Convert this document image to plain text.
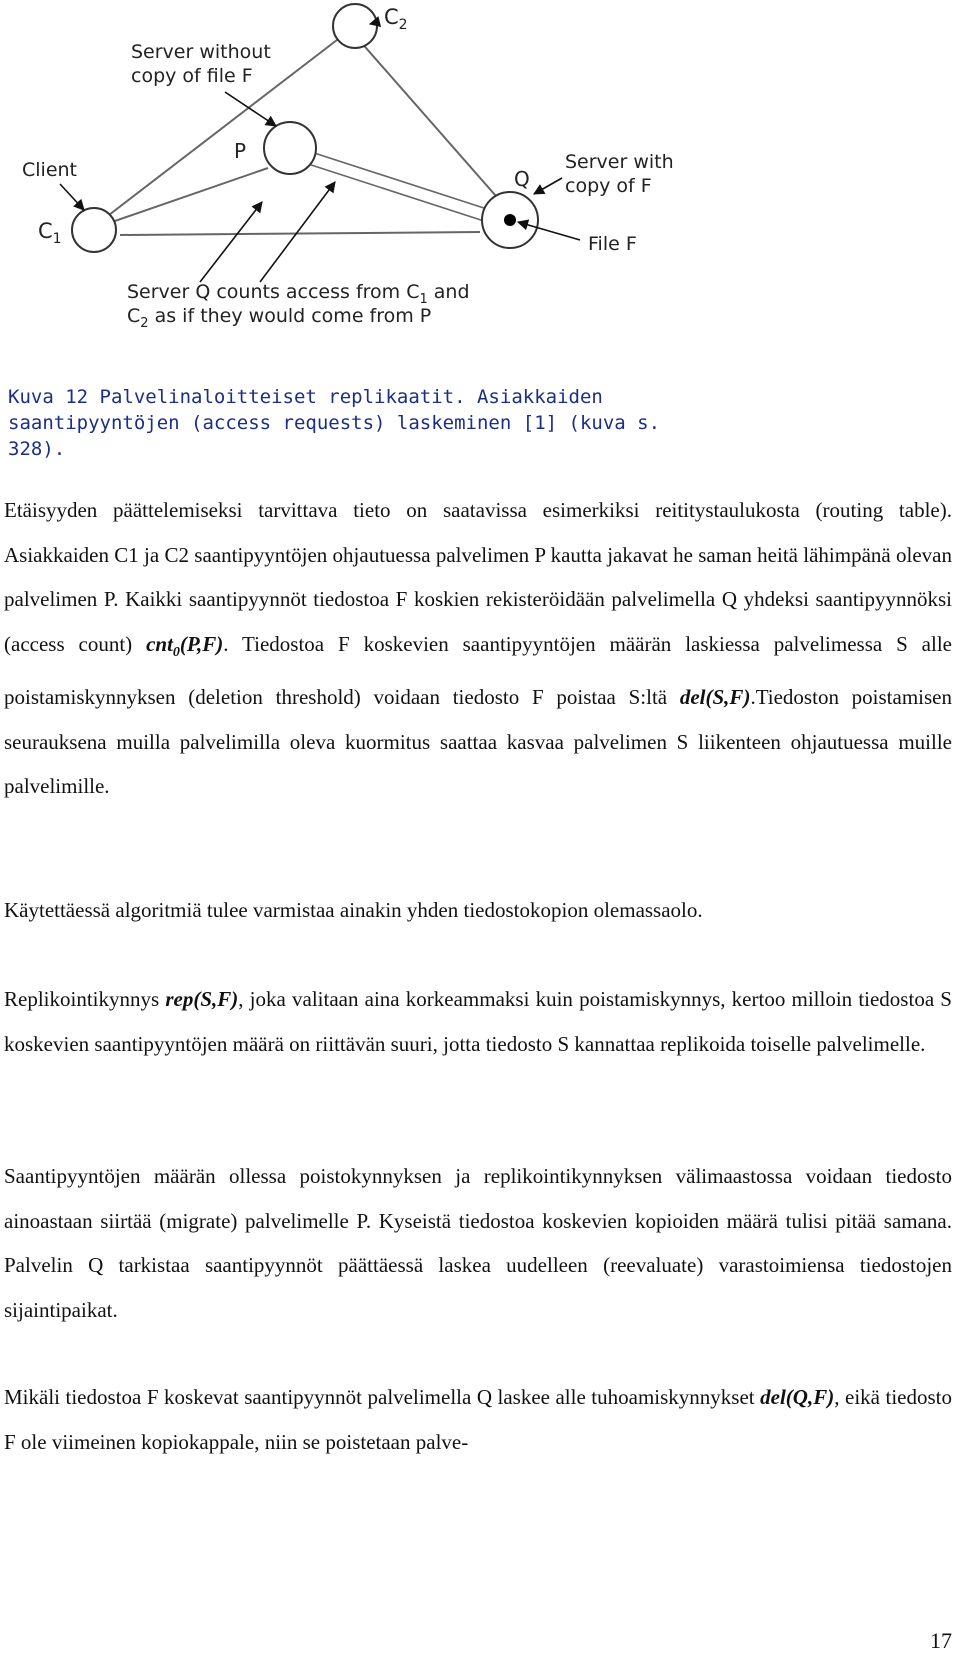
$C_2$
Server without
copy of file F
P
Client	Q
Server with
copy of F
$C_1$	File F
Server Q counts access from $C_1$ and
$C_2$ as if they would come from P

Kuva 12 Palvelinaloitteiset replikaatit. Asiakkaiden saantipyyntöjen (access requests) laskeminen [1] (kuva s. 328).

Etäisyyden päättelemiseksi tarvittava tieto on saatavissa esimerkiksi reititystaulukosta (routing table). Asiakkaiden C1 ja C2 saantipyyntöjen ohjautuessa palvelimen P kautta jakavat he saman heitä lähimpänä olevan palvelimen P. Kaikki saantipyynnöt tiedostoa F koskien rekisteröidään palvelimella Q yhdeksi saantipyynnöksi (access count) cnt$_0$(P,F). Tiedostoa F koskevien saantipyyntöjen määrän laskiessa palvelimessa S alle poistamiskynnyksen (deletion threshold) voidaan tiedosto F poistaa S:ltä del(S,F).Tiedoston poistamisen seurauksena muilla palvelimilla oleva kuormitus saattaa kasvaa palvelimen S liikenteen ohjautuessa muille palvelimille.

Käytettäessä algoritmiä tulee varmistaa ainakin yhden tiedostokopion olemassaolo.

Replikointikynnys rep(S,F), joka valitaan aina korkeammaksi kuin poistamiskynnys, kertoo milloin tiedostoa S koskevien saantipyyntöjen määrä on riittävän suuri, jotta tiedosto S kannattaa replikoida toiselle palvelimelle.

Saantipyyntöjen määrän ollessa poistokynnyksen ja replikointikynnyksen välimaastossa voidaan tiedosto ainoastaan siirtää (migrate) palvelimelle P. Kyseistä tiedostoa koskevien kopioiden määrä tulisi pitää samana. Palvelin Q tarkistaa saantipyynnöt päättäessä laskea uudelleen (reevaluate) varastoimiensa tiedostojen sijaintipaikat.

Mikäli tiedostoa F koskevat saantipyynnöt palvelimella Q laskee alle tuhoamiskynnykset del(Q,F), eikä tiedosto F ole viimeinen kopiokappale, niin se poistetaan palve-

17
